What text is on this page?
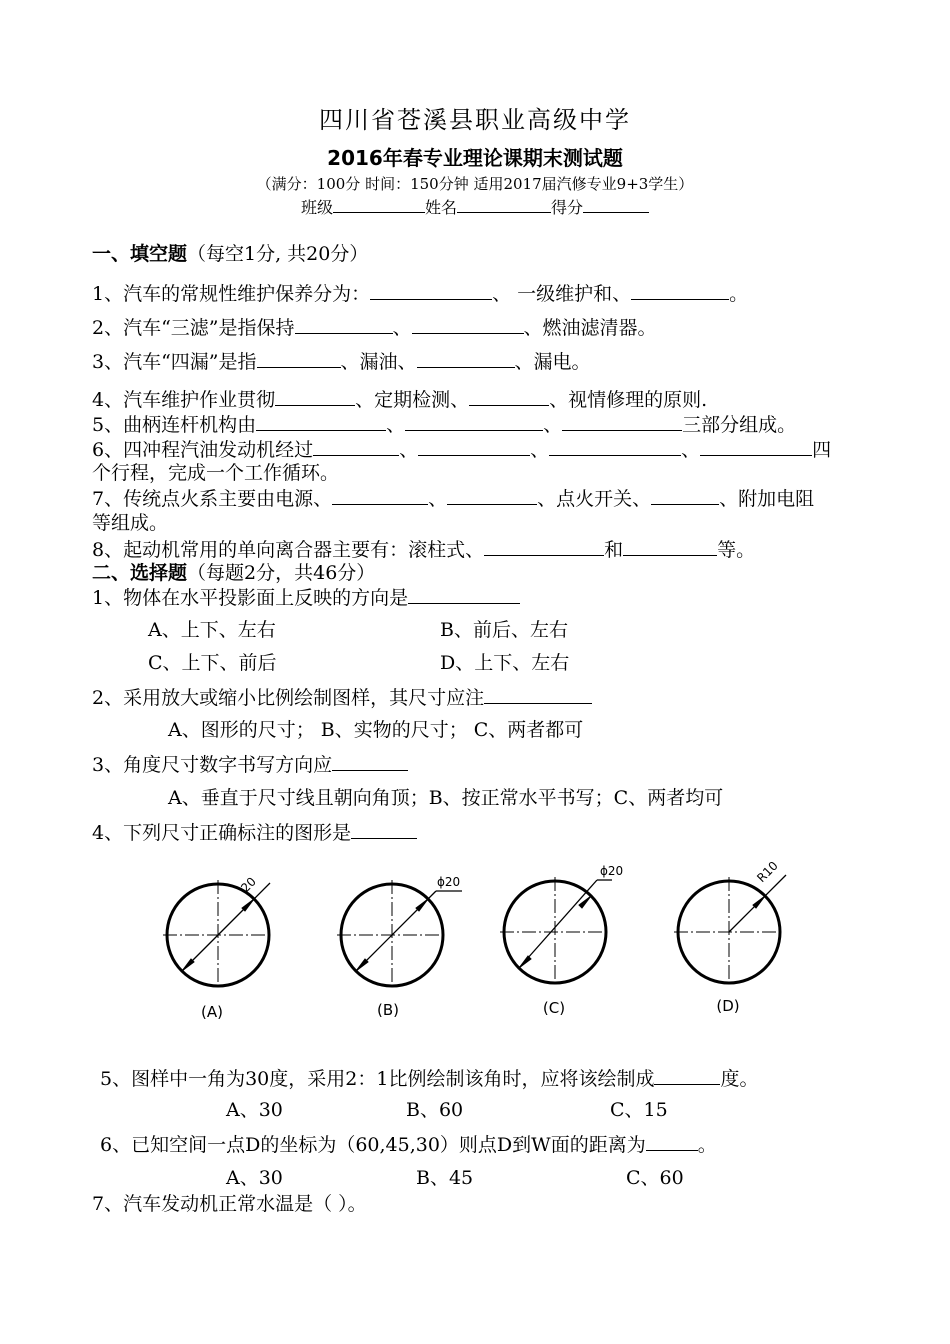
四川省苍溪县职业高级中学
2016年春专业理论课期末测试题
（满分：100分 时间：150分钟 适用2017届汽修专业9+3学生）
班级	姓名	得分
一、填空题（每空1分, 共20分）
1、汽车的常规性维护保养分为：	、 一级维护和、	。
2、汽车“三滤”是指保持	、	、燃油滤清器。
3、汽车“四漏”是指	、漏油、	、漏电。
4、汽车维护作业贯彻	、定期检测、	、视情修理的原则.
5、曲柄连杆机构由	、	、	三部分组成。
6、四冲程汽油发动机经过	、	、	、	四
个行程，完成一个工作循环。
7、传统点火系主要由电源、	、	、点火开关、	、附加电阻
等组成。
8、起动机常用的单向离合器主要有：滚柱式、	和	等。
二、选择题（每题2分，共46分）
1、物体在水平投影面上反映的方向是
A、上下、左右	B、前后、左右
C、上下、前后	D、上下、左右
2、采用放大或缩小比例绘制图样，其尺寸应注
A、图形的尺寸； B、实物的尺寸； C、两者都可
3、角度尺寸数字书写方向应
A、垂直于尺寸线且朝向角顶；B、按正常水平书写；C、两者均可
4、下列尺寸正确标注的图形是
20	ϕ20
ϕ20	R10
(A)	(B)	(C)	(D)
5、图样中一角为30度，采用2：1比例绘制该角时，应将该绘制成	度。
A、30	B、60	C、15
6、已知空间一点D的坐标为（60,45,30）则点D到W面的距离为	。
A、30	B、45	C、60
7、汽车发动机正常水温是（ ）。
